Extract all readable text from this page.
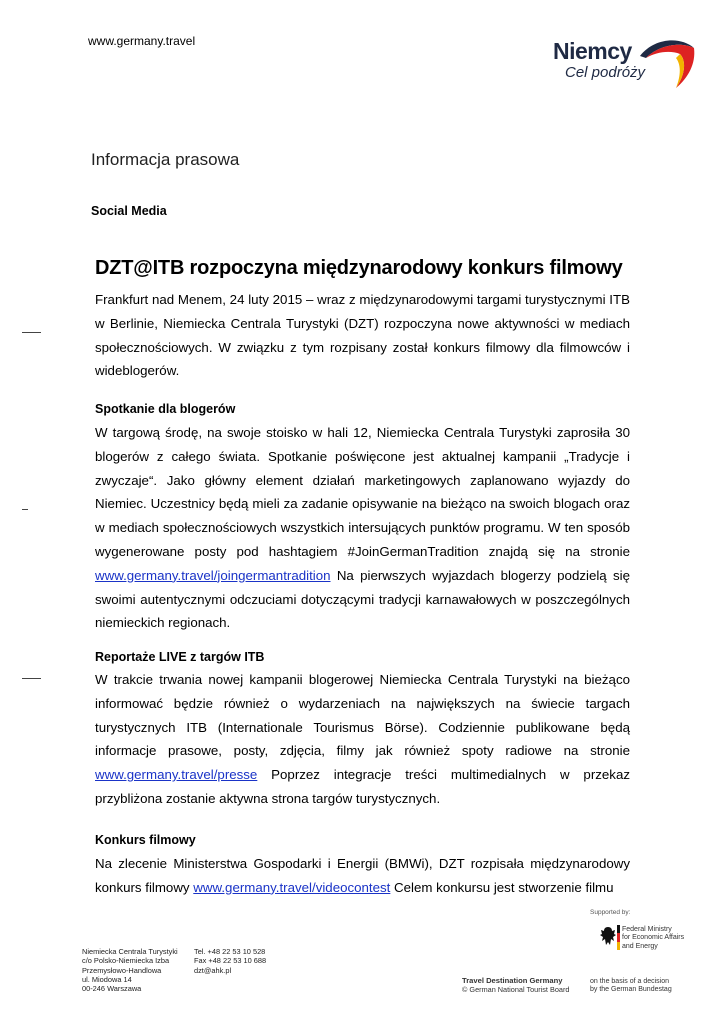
www.germany.travel	Niemcy
Cel podróży
Informacja prasowa
Social Media
DZT@ITB rozpoczyna międzynarodowy konkurs filmowy

Frankfurt nad Menem, 24 luty 2015 – wraz z międzynarodowymi targami turystycznymi ITB w Berlinie, Niemiecka Centrala Turystyki (DZT) rozpoczyna nowe aktywności w mediach społecznościowych. W związku z tym rozpisany został konkurs filmowy dla filmowców i wideblogerów.

Spotkanie dla blogerów

W targową środę, na swoje stoisko w hali 12, Niemiecka Centrala Turystyki zaprosiła 30 blogerów z całego świata. Spotkanie poświęcone jest aktualnej kampanii „Tradycje i zwyczaje“. Jako główny element działań marketingowych zaplanowano wyjazdy do Niemiec. Uczestnicy będą mieli za zadanie opisywanie na bieżąco na swoich blogach oraz w mediach społecznościowych wszystkich intersujących punktów programu. W ten sposób wygenerowane posty pod hashtagiem #JoinGermanTradition znajdą się na stronie www.germany.travel/joingermantradition Na pierwszych wyjazdach blogerzy podzielą się swoimi autentycznymi odczuciami dotyczącymi tradycji karnawałowych w poszczególnych niemieckich regionach.

Reportaże LIVE z targów ITB

W trakcie trwania nowej kampanii blogerowej Niemiecka Centrala Turystyki na bieżąco informować będzie również o wydarzeniach na największych na świecie targach turystycznych ITB (Internationale Tourismus Börse). Codziennie publikowane będą informacje prasowe, posty, zdjęcia, filmy jak również spoty radiowe na stronie www.germany.travel/presse Poprzez integracje treści multimedialnych w przekaz przybliżona zostanie aktywna strona targów turystycznych.

Konkurs filmowy

Na zlecenie Ministerstwa Gospodarki i Energii (BMWi), DZT rozpisała międzynarodowy konkurs filmowy www.germany.travel/videocontest Celem konkursu jest stworzenie filmu

Niemiecka Centrala Turystyki
c/o Polsko-Niemiecka Izba
Przemysłowo-Handlowa
ul. Miodowa 14
00-246 Warszawa
Tel. +48 22 53 10 528
Fax +48 22 53 10 688
dzt@ahk.pl
Travel Destination Germany
© German National Tourist Board
Supported by:
Federal Ministry
for Economic Affairs
and Energy
on the basis of a decision
by the German Bundestag
